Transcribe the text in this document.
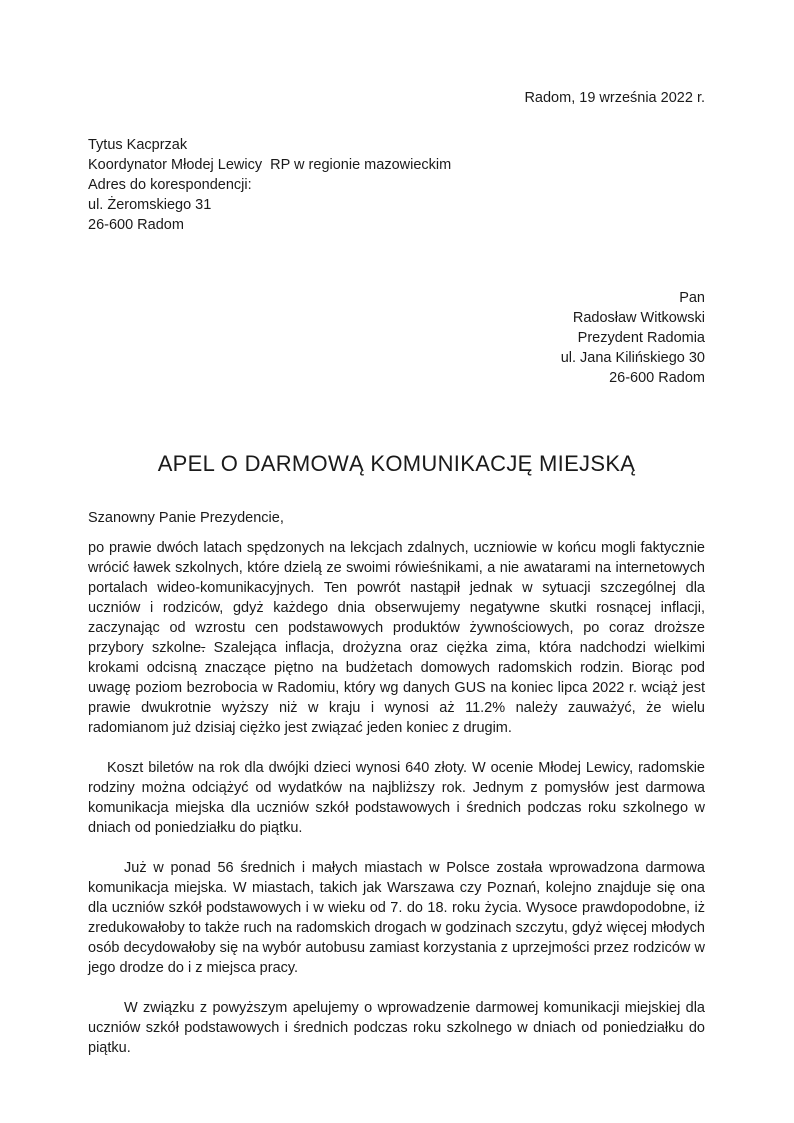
Radom, 19 września 2022 r.
Tytus Kacprzak
Koordynator Młodej Lewicy  RP w regionie mazowieckim
Adres do korespondencji:
ul. Żeromskiego 31
26-600 Radom
Pan
Radosław Witkowski
Prezydent Radomia
ul. Jana Kilińskiego 30
26-600 Radom
APEL O DARMOWĄ KOMUNIKACJĘ MIEJSKĄ
Szanowny Panie Prezydencie,

po prawie dwóch latach spędzonych na lekcjach zdalnych, uczniowie w końcu mogli faktycznie wrócić ławek szkolnych, które dzielą ze swoimi rówieśnikami, a nie awatarami na internetowych portalach wideo-komunikacyjnych. Ten powrót nastąpił jednak w sytuacji szczególnej dla uczniów i rodziców, gdyż każdego dnia obserwujemy negatywne skutki rosnącej inflacji, zaczynając od wzrostu cen podstawowych produktów żywnościowych, po coraz droższe przybory szkolne. Szalejąca inflacja, drożyzna oraz ciężka zima, która nadchodzi wielkimi krokami odcisną znaczące piętno na budżetach domowych radomskich rodzin. Biorąc pod uwagę poziom bezrobocia w Radomiu, który wg danych GUS na koniec lipca 2022 r. wciąż jest prawie dwukrotnie wyższy niż w kraju i wynosi aż 11.2% należy zauważyć, że wielu radomianom już dzisiaj ciężko jest związać jeden koniec z drugim.

Koszt biletów na rok dla dwójki dzieci wynosi 640 złoty. W ocenie Młodej Lewicy, radomskie rodziny można odciążyć od wydatków na najbliższy rok. Jednym z pomysłów jest darmowa komunikacja miejska dla uczniów szkół podstawowych i średnich podczas roku szkolnego w dniach od poniedziałku do piątku.

Już w ponad 56 średnich i małych miastach w Polsce została wprowadzona darmowa komunikacja miejska. W miastach, takich jak Warszawa czy Poznań, kolejno znajduje się ona dla uczniów szkół podstawowych i w wieku od 7. do 18. roku życia. Wysoce prawdopodobne, iż zredukowałoby to także ruch na radomskich drogach w godzinach szczytu, gdyż więcej młodych osób decydowałoby się na wybór autobusu zamiast korzystania z uprzejmości przez rodziców w jego drodze do i z miejsca pracy.

W związku z powyższym apelujemy o wprowadzenie darmowej komunikacji miejskiej dla uczniów szkół podstawowych i średnich podczas roku szkolnego w dniach od poniedziałku do piątku.
